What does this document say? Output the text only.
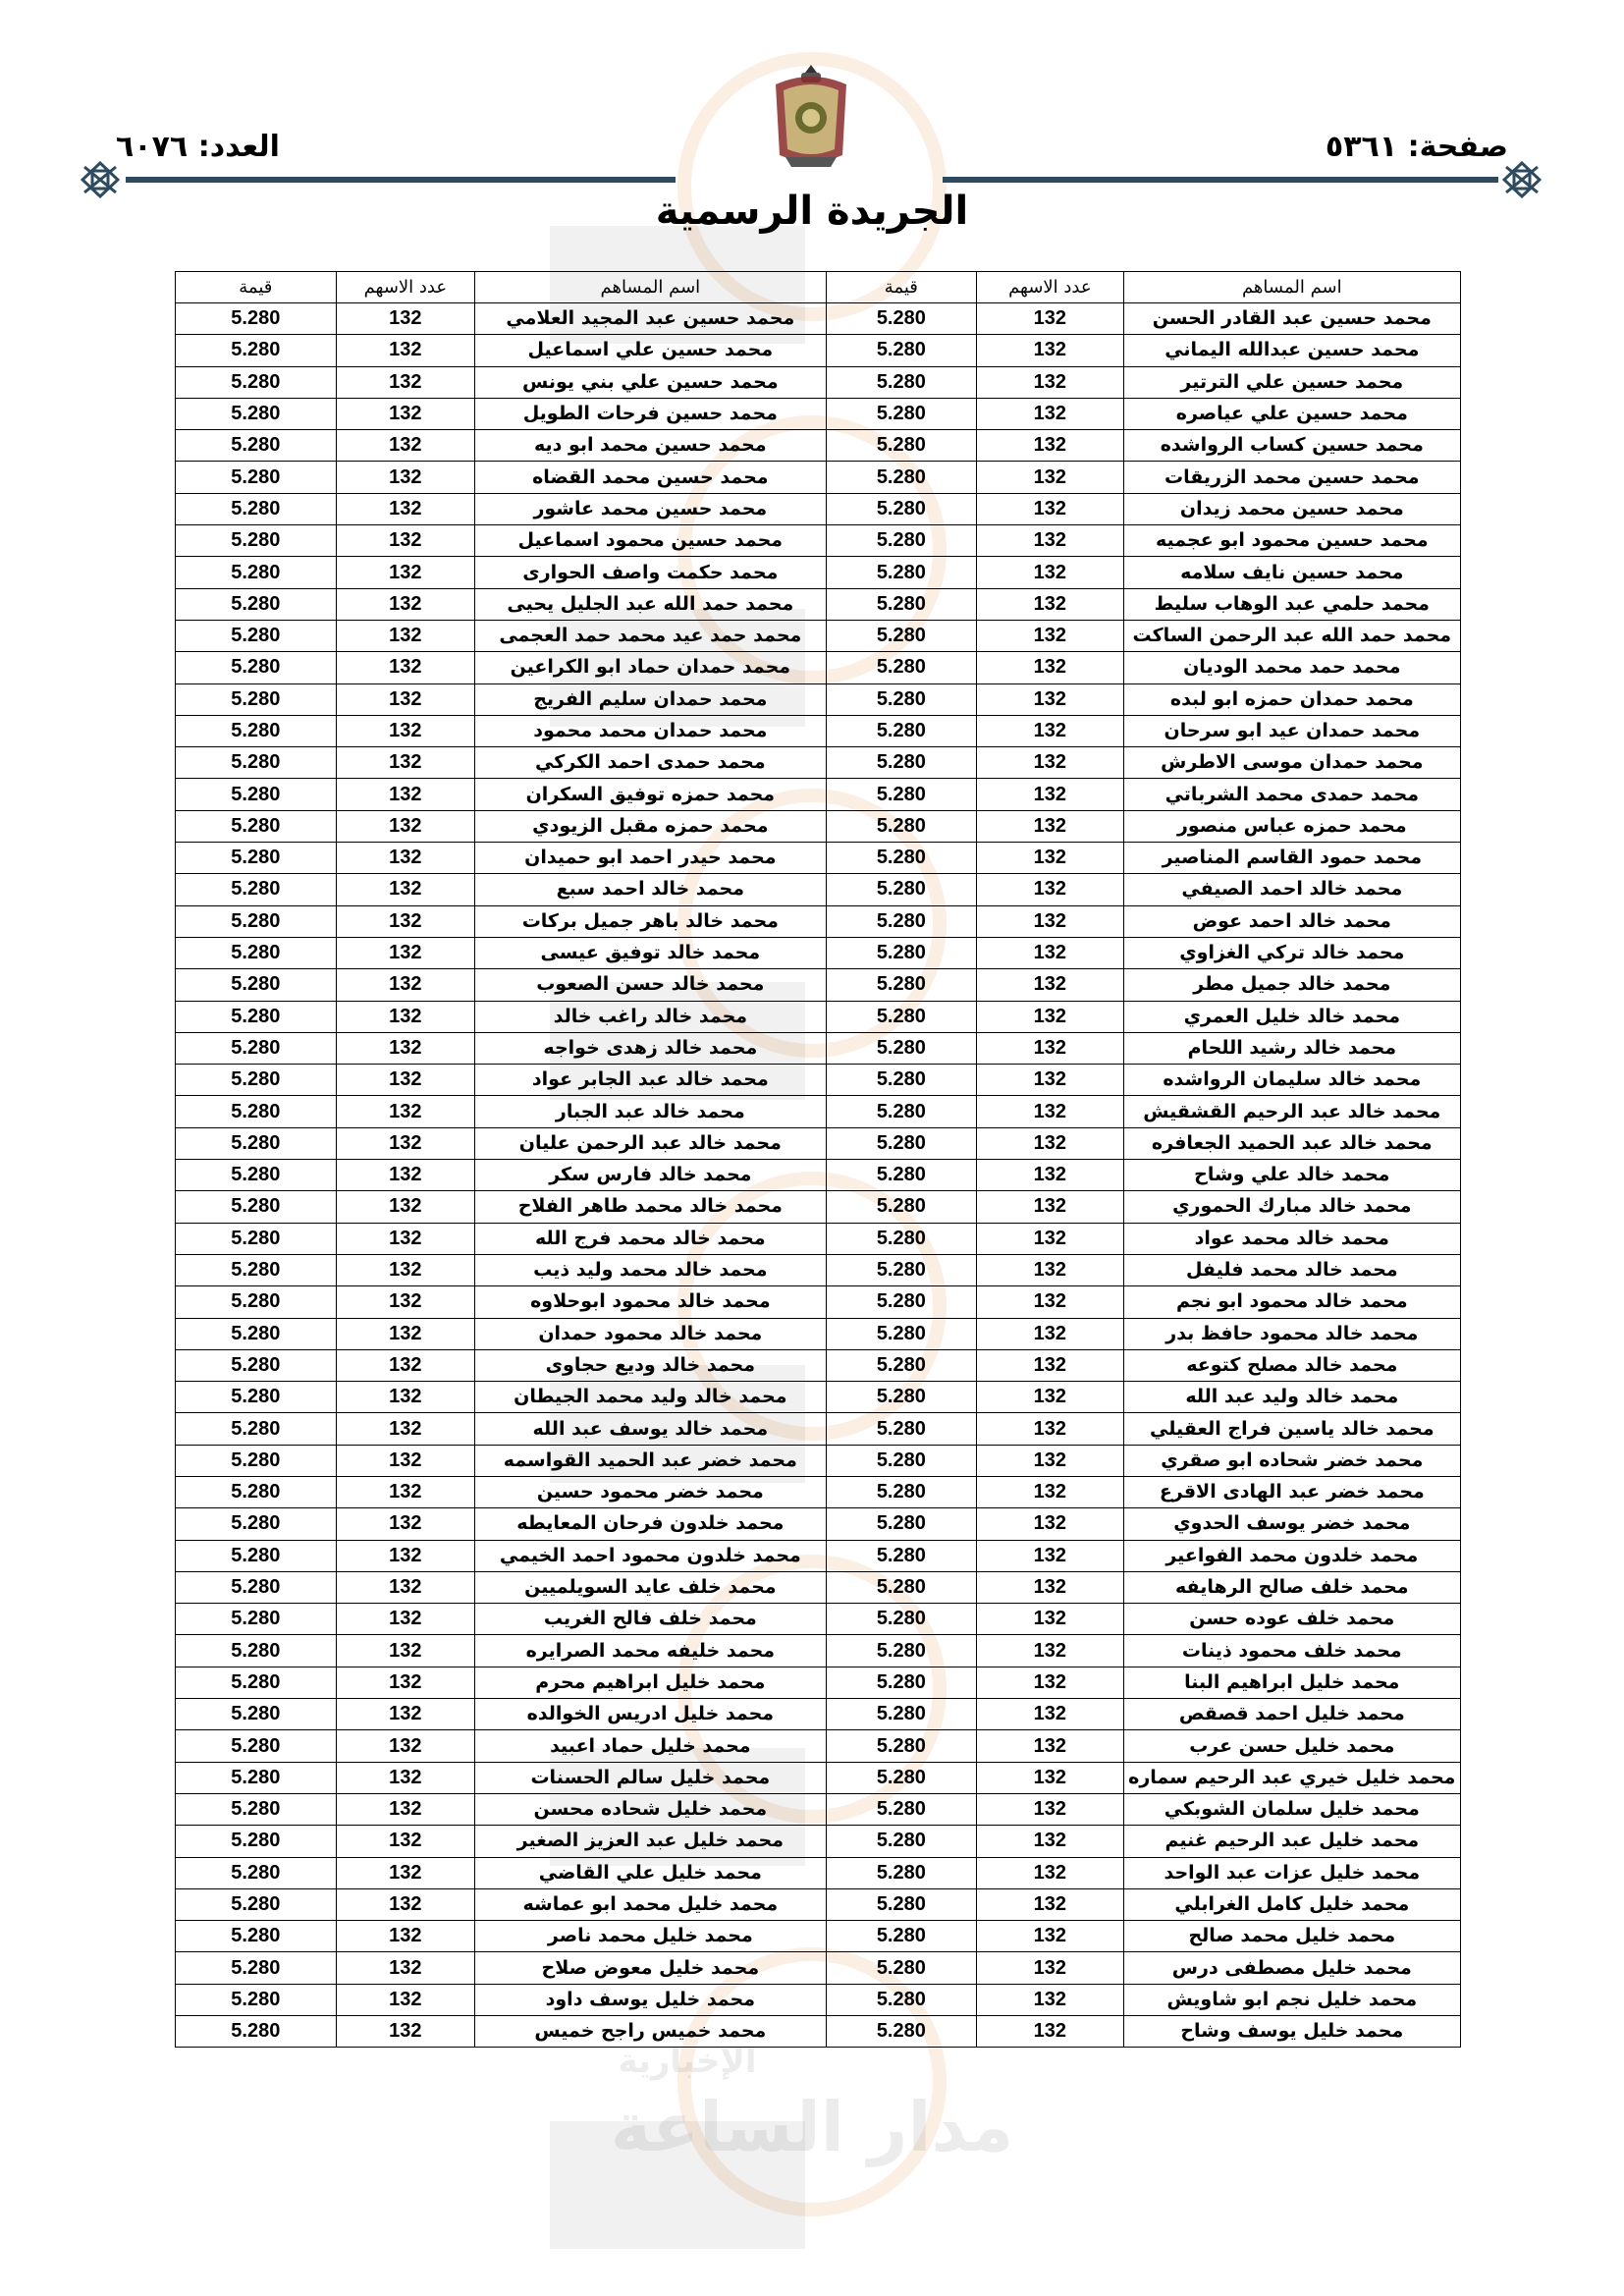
مدار الساعة
الإخبارية
صفحة: ٥٣٦١
العدد: ٦٠٧٦
الجريدة الرسمية
اسم المساهم	عدد الاسهم	قيمة	اسم المساهم	عدد الاسهم	قيمة
محمد حسين عبد القادر الحسن	132	5.280	محمد حسين عبد المجيد العلامي	132	5.280
محمد حسين عبدالله اليماني	132	5.280	محمد حسين علي اسماعيل	132	5.280
محمد حسين علي الترتير	132	5.280	محمد حسين علي بني يونس	132	5.280
محمد حسين علي عياصره	132	5.280	محمد حسين فرحات الطويل	132	5.280
محمد حسين كساب الرواشده	132	5.280	محمد حسين محمد ابو ديه	132	5.280
محمد حسين محمد الزريقات	132	5.280	محمد حسين محمد القضاه	132	5.280
محمد حسين محمد زيدان	132	5.280	محمد حسين محمد عاشور	132	5.280
محمد حسين محمود ابو عجميه	132	5.280	محمد حسين محمود اسماعيل	132	5.280
محمد حسين نايف سلامه	132	5.280	محمد حكمت واصف الحوارى	132	5.280
محمد حلمي عبد الوهاب سليط	132	5.280	محمد حمد الله عبد الجليل يحيى	132	5.280
محمد حمد الله عبد الرحمن الساكت	132	5.280	محمد حمد عيد محمد حمد العجمى	132	5.280
محمد حمد محمد الوديان	132	5.280	محمد حمدان حماد ابو الكراعين	132	5.280
محمد حمدان حمزه ابو لبده	132	5.280	محمد حمدان سليم الفريج	132	5.280
محمد حمدان عيد ابو سرحان	132	5.280	محمد حمدان محمد محمود	132	5.280
محمد حمدان موسى الاطرش	132	5.280	محمد حمدى احمد الكركي	132	5.280
محمد حمدى محمد الشرباتي	132	5.280	محمد حمزه توفيق السكران	132	5.280
محمد حمزه عباس منصور	132	5.280	محمد حمزه مقبل الزيودي	132	5.280
محمد حمود القاسم المناصير	132	5.280	محمد حيدر احمد ابو حميدان	132	5.280
محمد خالد احمد الصيفي	132	5.280	محمد خالد احمد سبع	132	5.280
محمد خالد احمد عوض	132	5.280	محمد خالد باهر جميل بركات	132	5.280
محمد خالد تركي الغزاوي	132	5.280	محمد خالد توفيق عيسى	132	5.280
محمد خالد جميل مطر	132	5.280	محمد خالد حسن الصعوب	132	5.280
محمد خالد خليل العمري	132	5.280	محمد خالد راغب خالد	132	5.280
محمد خالد رشيد اللحام	132	5.280	محمد خالد زهدى خواجه	132	5.280
محمد خالد سليمان الرواشده	132	5.280	محمد خالد عبد الجابر عواد	132	5.280
محمد خالد عبد الرحيم القشقيش	132	5.280	محمد خالد عبد الجبار	132	5.280
محمد خالد عبد الحميد الجعافره	132	5.280	محمد خالد عبد الرحمن عليان	132	5.280
محمد خالد علي وشاح	132	5.280	محمد خالد فارس سكر	132	5.280
محمد خالد مبارك الحموري	132	5.280	محمد خالد محمد طاهر الفلاح	132	5.280
محمد خالد محمد عواد	132	5.280	محمد خالد محمد فرج الله	132	5.280
محمد خالد محمد فليفل	132	5.280	محمد خالد محمد وليد ذيب	132	5.280
محمد خالد محمود ابو نجم	132	5.280	محمد خالد محمود ابوحلاوه	132	5.280
محمد خالد محمود حافظ بدر	132	5.280	محمد خالد محمود حمدان	132	5.280
محمد خالد مصلح كتوعه	132	5.280	محمد خالد وديع حجاوى	132	5.280
محمد خالد وليد عبد الله	132	5.280	محمد خالد وليد محمد الجيطان	132	5.280
محمد خالد ياسين فراج العقيلي	132	5.280	محمد خالد يوسف عبد الله	132	5.280
محمد خضر شحاده ابو صقري	132	5.280	محمد خضر عبد الحميد القواسمه	132	5.280
محمد خضر عبد الهادى الاقرع	132	5.280	محمد خضر محمود حسين	132	5.280
محمد خضر يوسف الحدوي	132	5.280	محمد خلدون فرحان المعايطه	132	5.280
محمد خلدون محمد الفواعير	132	5.280	محمد خلدون محمود احمد الخيمي	132	5.280
محمد خلف صالح الرهايفه	132	5.280	محمد خلف عايد السويلميين	132	5.280
محمد خلف عوده حسن	132	5.280	محمد خلف فالح الغريب	132	5.280
محمد خلف محمود ذينات	132	5.280	محمد خليفه محمد الصرايره	132	5.280
محمد خليل ابراهيم البنا	132	5.280	محمد خليل ابراهيم محرم	132	5.280
محمد خليل احمد قصقص	132	5.280	محمد خليل ادريس الخوالده	132	5.280
محمد خليل حسن عرب	132	5.280	محمد خليل حماد اعبيد	132	5.280
محمد خليل خيري عبد الرحيم سماره	132	5.280	محمد خليل سالم الحسنات	132	5.280
محمد خليل سلمان الشوبكي	132	5.280	محمد خليل شحاده محسن	132	5.280
محمد خليل عبد الرحيم غنيم	132	5.280	محمد خليل عبد العزيز الصغير	132	5.280
محمد خليل عزات عبد الواحد	132	5.280	محمد خليل علي القاضي	132	5.280
محمد خليل كامل الغرابلي	132	5.280	محمد خليل محمد ابو عماشه	132	5.280
محمد خليل محمد صالح	132	5.280	محمد خليل محمد ناصر	132	5.280
محمد خليل مصطفى درس	132	5.280	محمد خليل معوض صلاح	132	5.280
محمد خليل نجم ابو شاويش	132	5.280	محمد خليل يوسف داود	132	5.280
محمد خليل يوسف وشاح	132	5.280	محمد خميس راجح خميس	132	5.280
